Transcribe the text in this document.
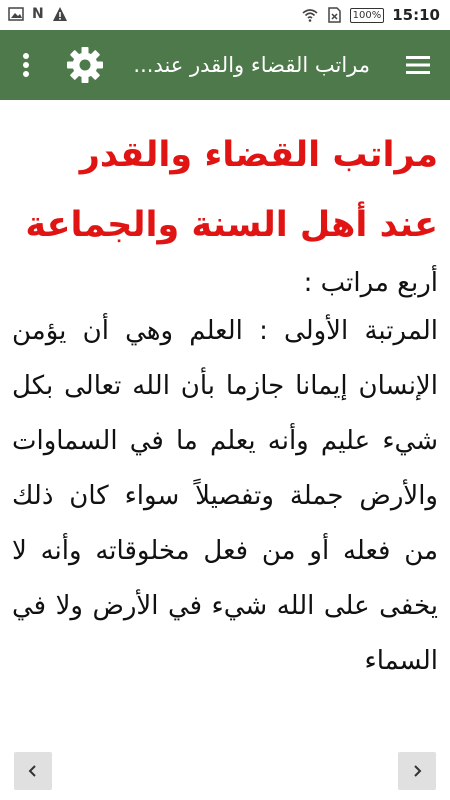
N	100% 15:10
مراتب القضاء والقدر عند...
مراتب القضاء والقدر عند أهل السنة والجماعة
أربع مراتب :
المرتبة الأولى : العلم وهي أن يؤمن الإنسان إيمانا جازما بأن الله تعالى بكل شيء عليم وأنه يعلم ما في السماوات والأرض جملة وتفصيلاً سواء كان ذلك من فعله أو من فعل مخلوقاته وأنه لا يخفى على الله شيء في الأرض ولا في السماء
